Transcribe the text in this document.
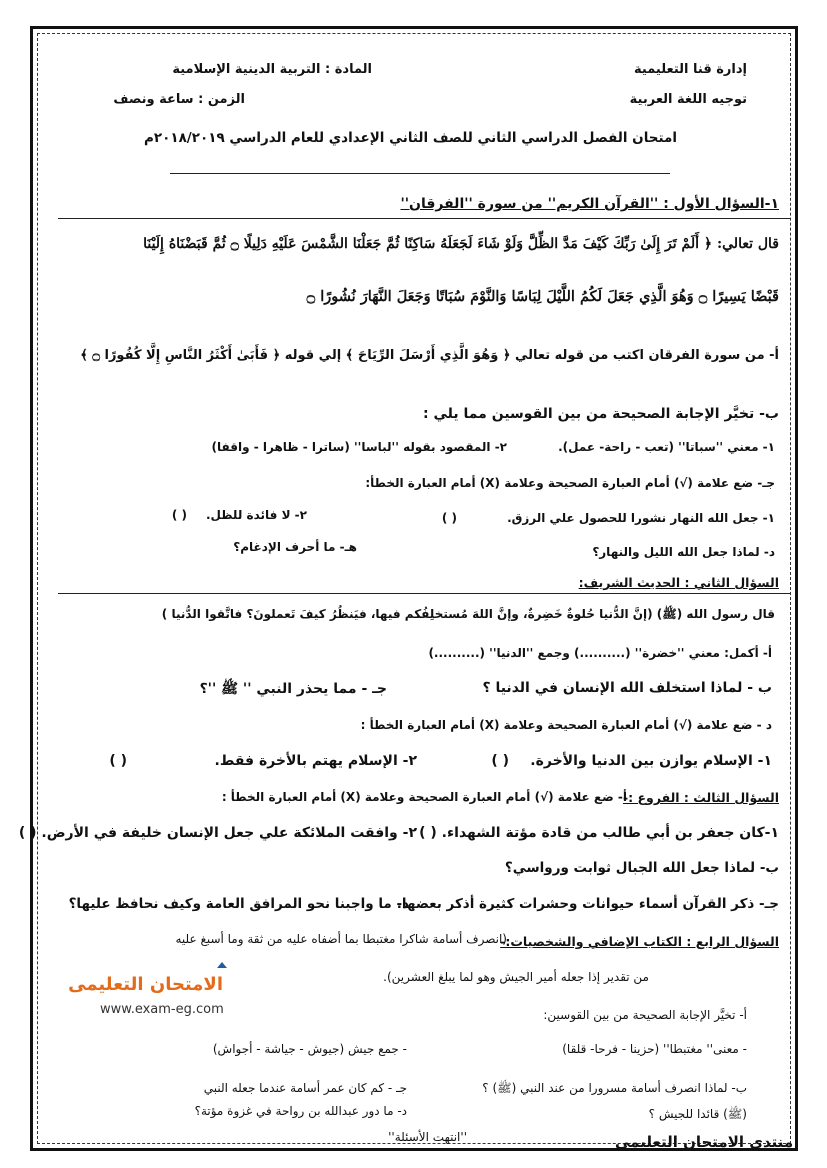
إدارة قنا التعليمية
توجيه اللغة العربية
المادة : التربية الدينية الإسلامية
الزمن : ساعة ونصف
امتحان الفصل الدراسي الثاني للصف الثاني الإعدادي للعام الدراسي ٢٠١٨/٢٠١٩م
١-السؤال الأول : ''القرآن الكريم'' من سورة ''الفرقان''
قال تعالي: ﴿ أَلَمْ تَرَ إِلَىٰ رَبِّكَ كَيْفَ مَدَّ الظِّلَّ وَلَوْ شَاءَ لَجَعَلَهُ سَاكِنًا ثُمَّ جَعَلْنَا الشَّمْسَ عَلَيْهِ دَلِيلًا ۝ ثُمَّ قَبَضْنَاهُ إِلَيْنَا
قَبْضًا يَسِيرًا ۝ وَهُوَ الَّذِي جَعَلَ لَكُمُ اللَّيْلَ لِبَاسًا وَالنَّوْمَ سُبَاتًا وَجَعَلَ النَّهَارَ نُشُورًا ۝
أ- من سورة الفرقان اكتب من قوله تعالي ﴿ وَهُوَ الَّذِي أَرْسَلَ الرِّيَاحَ ﴾ إلي قوله ﴿ فَأَبَىٰ أَكْثَرُ النَّاسِ إِلَّا كُفُورًا ۝ ﴾
ب- تخيَّر الإجابة الصحيحة من بين القوسين مما يلي :
١- معني ''سباتا'' (تعب - راحة- عمل).
٢- المقصود بقوله ''لباسا'' (ساترا - ظاهرا - واقفا)
جـ- ضع علامة (√) أمام العبارة الصحيحة وعلامة (X) أمام العبارة الخطأ:
١- جعل الله النهار نشورا للحصول علي الرزق.
( )
٢- لا فائدة للظل.
( )
د- لماذا جعل الله الليل والنهار؟
هـ- ما أحرف الإدغام؟
السؤال الثاني : الحديث الشريف:
قال رسول الله (ﷺ) (إنَّ الدُّنيا حُلوةٌ خَضِرةٌ، وإنَّ اللهَ مُستخلِفُكم فيها، فيَنظُرُ كيفَ تَعملونَ؟ فاتَّقوا الدُّنيا )
أ- أكمل: معني ''خضرة'' (..........) وجمع ''الدنيا'' (..........)
ب - لماذا استخلف الله الإنسان في الدنيا ؟
جـ - مما يحذر النبي '' ﷺ ''؟
د - ضع علامة (√) أمام العبارة الصحيحة وعلامة (X) أمام العبارة الخطأ :
١- الإسلام يوازن بين الدنيا والأخرة.
( )
٢- الإسلام يهتم بالأخرة فقط.
( )
السؤال الثالث : الفروع :-
أ- ضع علامة (√) أمام العبارة الصحيحة وعلامة (X) أمام العبارة الخطأ :
١-كان جعفر بن أبي طالب من قادة مؤتة الشهداء. ( )
٢- وافقت الملائكة علي جعل الإنسان خليفة في الأرض. ( )
ب- لماذا جعل الله الجبال ثوابت ورواسي؟
جـ- ذكر القرآن أسماء حيوانات وحشرات كثيرة أذكر بعضها.
د- ما واجبنا نحو المرافق العامة وكيف نحافظ عليها؟
السؤال الرابع : الكتاب الإضافي والشخصيات:-
(انصرف أسامة شاكرا مغتبطا بما أضفاه عليه من ثقة وما أسبغ عليه
من تقدير إذا جعله أمير الجيش وهو لما يبلغ العشرين).
أ- تخيَّر الإجابة الصحيحة من بين القوسين:
- معنى'' مغتبطا'' (حزينا - فرحا- قلقا)
- جمع جيش (جيوش - جياشة - أجواش)
ب- لماذا انصرف أسامة مسرورا من عند النبي (ﷺ) ؟
جـ - كم كان عمر أسامة عندما جعله النبي
(ﷺ) قائدا للجيش ؟
د- ما دور عبدالله بن رواحة في غزوة مؤتة؟
''انتهت الأسئلة''
الامتحان التعليمى
www.exam-eg.com
منتدى الامتحان التعليمى
